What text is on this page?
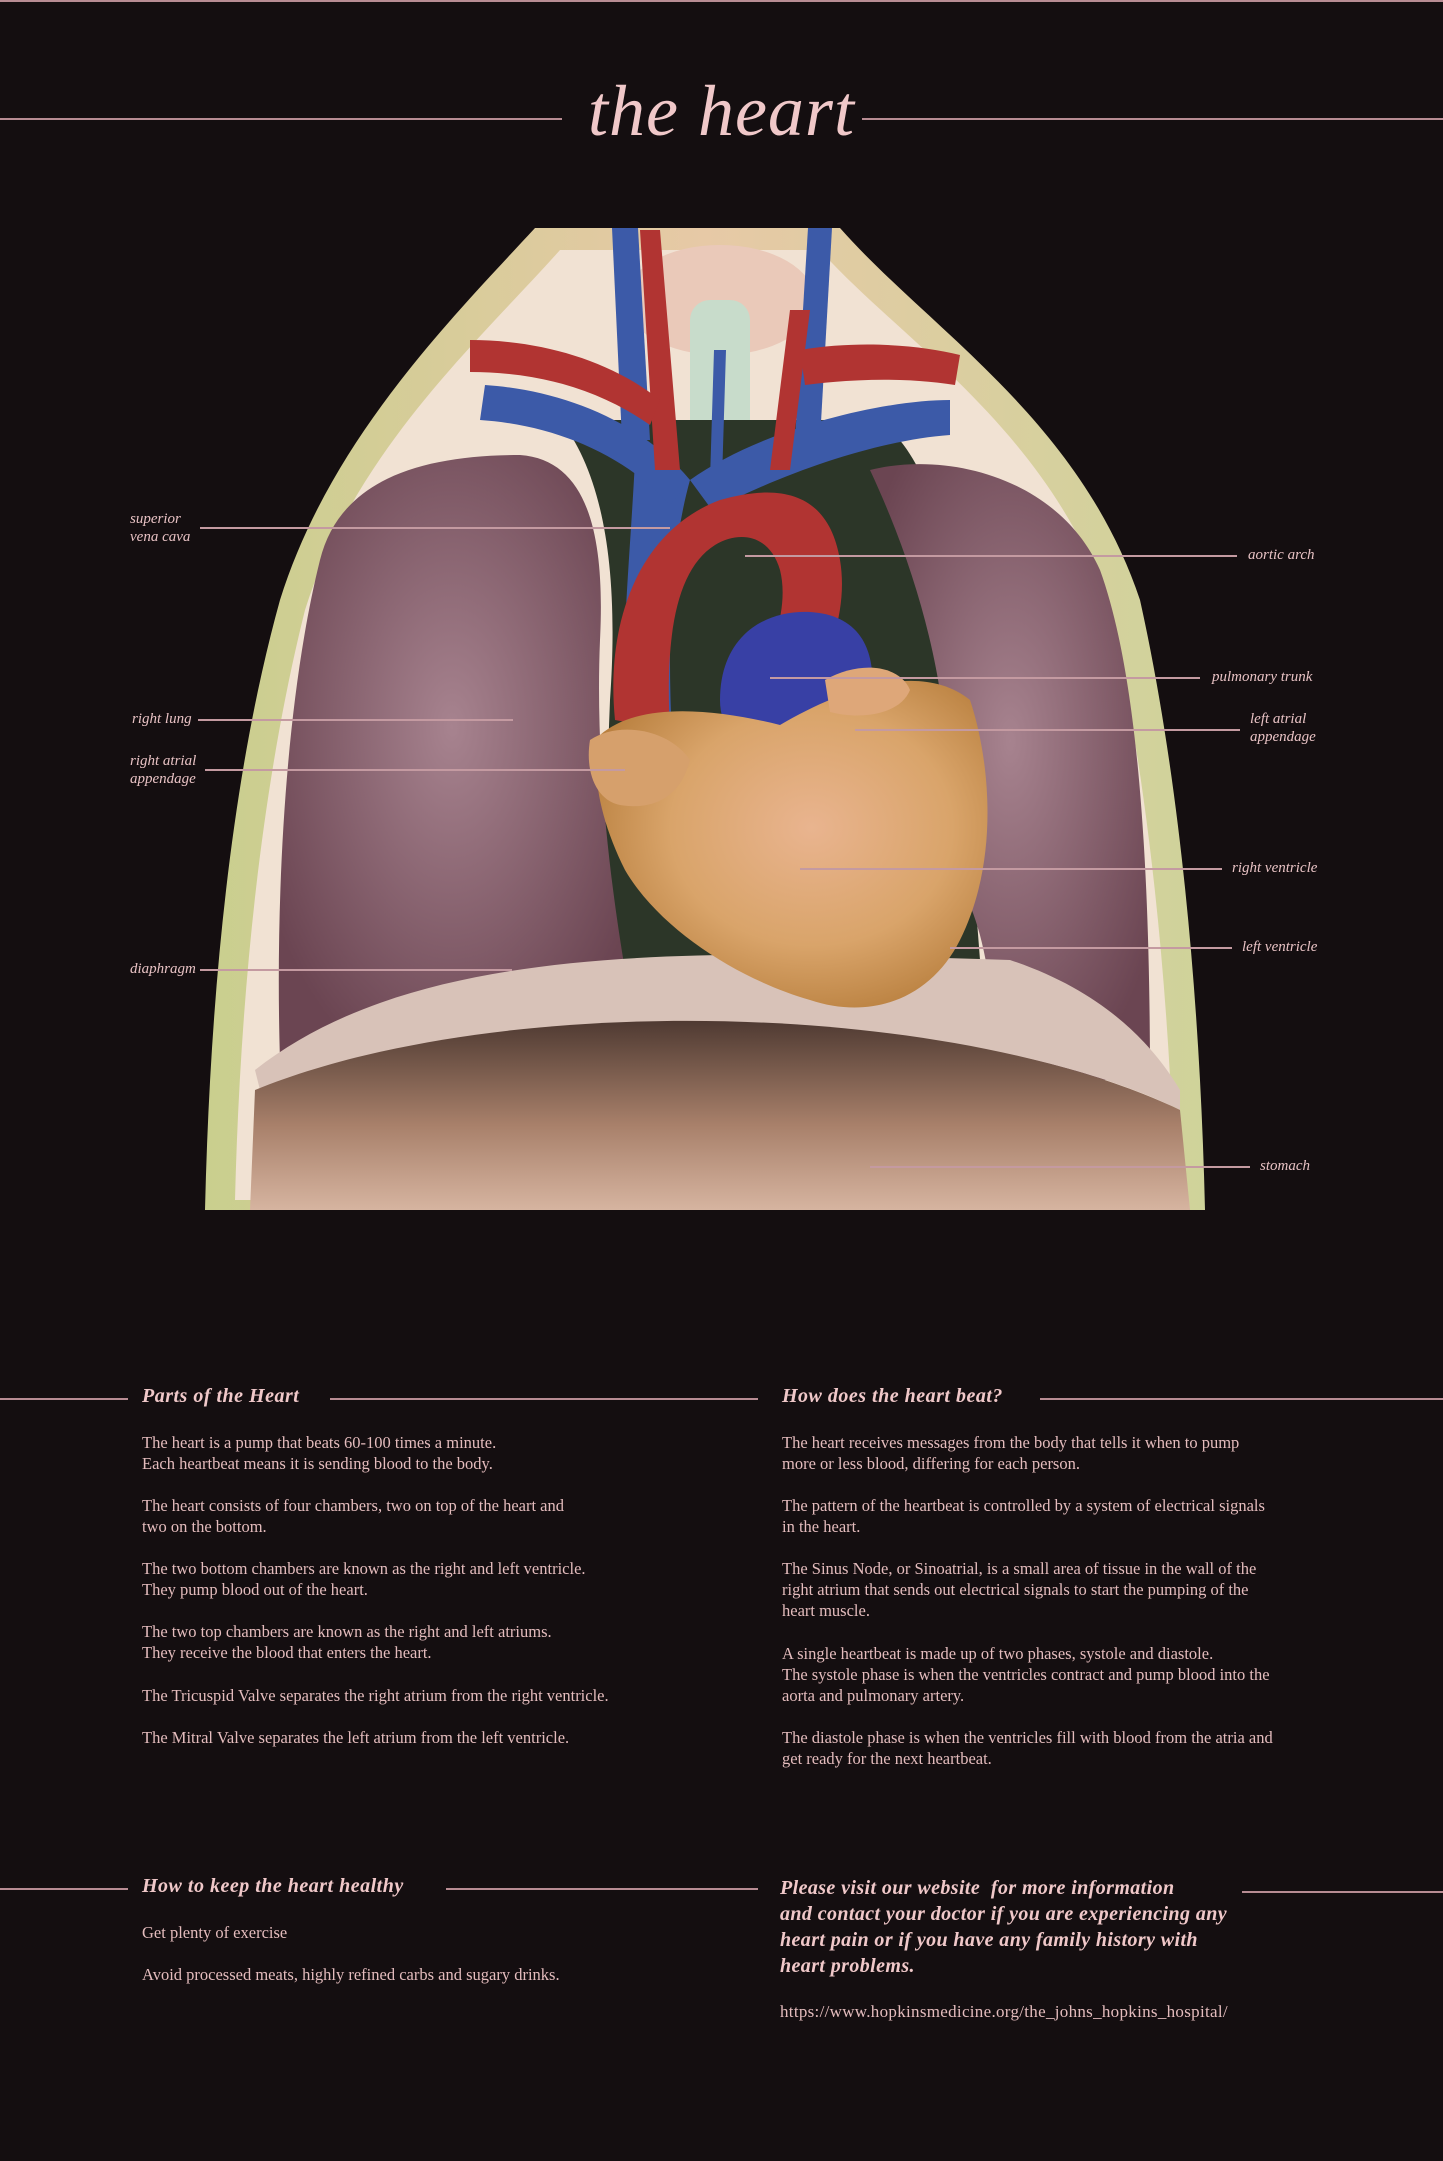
the heart
superior
vena cava
aortic arch
pulmonary trunk
right lung	left atrial
appendage
right atrial
appendage
right ventricle
left ventricle
diaphragm
stomach
Parts of the Heart
The heart is a pump that beats 60-100 times a minute.
Each heartbeat means it is sending blood to the body.
The heart consists of four chambers, two on top of the heart and
two on the bottom.
The two bottom chambers are known as the right and left ventricle.
They pump blood out of the heart.
The two top chambers are known as the right and left atriums.
They receive the blood that enters the heart.
The Tricuspid Valve separates the right atrium from the right ventricle.
The Mitral Valve separates the left atrium from the left ventricle.
How does the heart beat?
The heart receives messages from the body that tells it when to pump
more or less blood, differing for each person.
The pattern of the heartbeat is controlled by a system of electrical signals
in the heart.
The Sinus Node, or Sinoatrial, is a small area of tissue in the wall of the
right atrium that sends out electrical signals to start the pumping of the
heart muscle.
A single heartbeat is made up of two phases, systole and diastole.
The systole phase is when the ventricles contract and pump blood into the
aorta and pulmonary artery.
The diastole phase is when the ventricles fill with blood from the atria and
get ready for the next heartbeat.
How to keep the heart healthy
Get plenty of exercise
Avoid processed meats, highly refined carbs and sugary drinks.
Please visit our website  for more information
and contact your doctor if you are experiencing any
heart pain or if you have any family history with
heart problems.
https://www.hopkinsmedicine.org/the_johns_hopkins_hospital/
